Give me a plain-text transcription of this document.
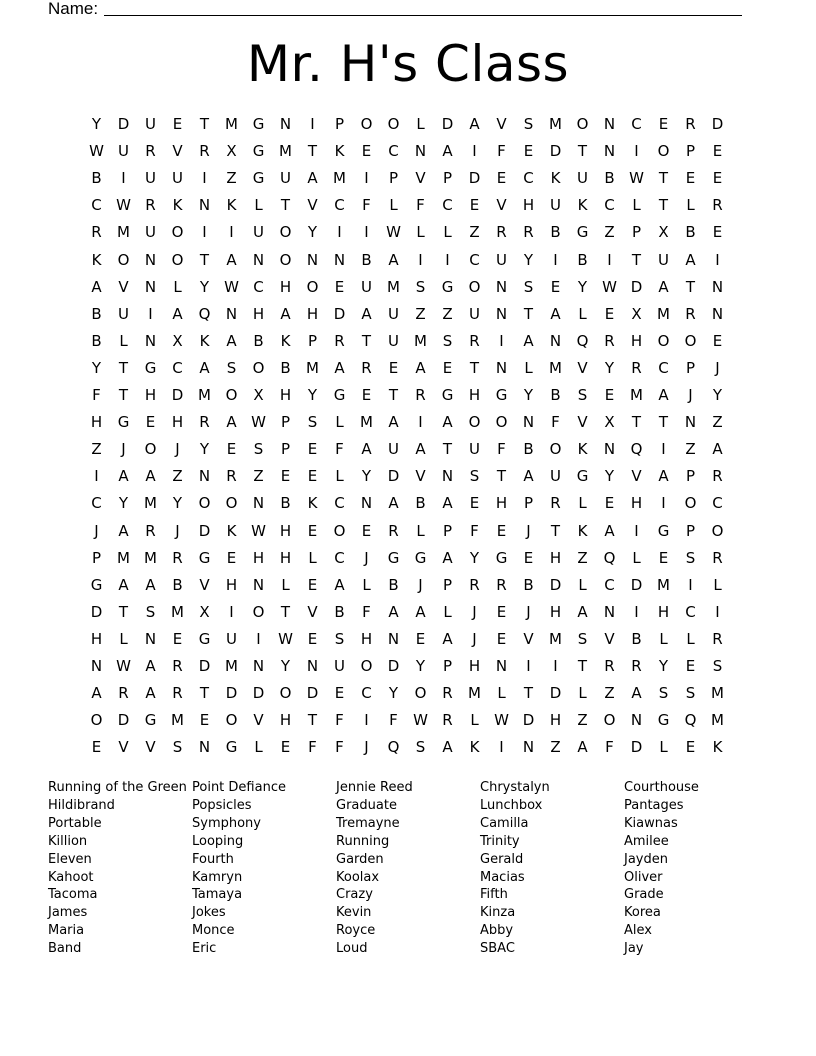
Name:
Mr. H's Class
Y	D	U	E	T	M G	N	I	P	O	O	L	D	A	V	S	M O	N	C	E	R	D
W U	R	V	R	X	G M	T	K	E	C	N	A	I	F	E	D	T	N	I	O	P	E
B	I	U	U	I	Z	G	U	A	M	I	P	V	P	D	E	C	K	U	B W T	E	E
C W R	K	N	K	L	T	V	C	F	L	F	C	E	V	H	U	K	C	L	T	L	R
R	M	U	O	I	I	U	O	Y	I	I	W	L	L	Z	R	R	B	G	Z	P	X	B	E
K	O	N	O	T	A	N	O	N	N	B	A	I	I	C	U	Y	I	B	I	T	U	A	I
A	V	N	L	Y	W C	H	O	E	U	M	S	G	O	N	S	E	Y	W D	A	T	N
B	U	I	A	Q	N	H	A	H	D	A	U	Z	Z	U	N	T	A	L	E	X	M	R	N
B	L	N	X	K	A	B	K	P	R	T	U	M	S	R	I	A	N	Q	R	H	O	O	E
Y	T	G	C	A	S	O	B	M	A	R	E	A	E	T	N	L	M	V	Y	R	C	P	J
F	T	H	D M O	X	H	Y	G	E	T	R	G	H	G	Y	B	S	E	M	A	J	Y
H	G	E	H	R	A W	P	S	L	M	A	I	A	O	O	N	F	V	X	T	T	N	Z
Z	J	O	J	Y	E	S	P	E	F	A	U	A	T	U	F	B	O	K	N	Q	I	Z	A
I	A	A	Z	N	R	Z	E	E	L	Y	D	V	N	S	T	A	U	G	Y	V	A	P	R
C	Y	M	Y	O	O	N	B	K	C	N	A	B	A	E	H	P	R	L	E	H	I	O	C
J	A	R	J	D	K W H	E	O	E	R	L	P	F	E	J	T	K	A	I	G	P	O
P	M M	R	G	E	H	H	L	C	J	G	G	A	Y	G	E	H	Z	Q	L	E	S	R
G	A	A	B	V	H	N	L	E	A	L	B	J	P	R	R	B	D	L	C	D M	I	L
D	T	S	M	X	I	O	T	V	B	F	A	A	L	J	E	J	H	A	N	I	H	C	I
H	L	N	E	G	U	I	W E	S	H	N	E	A	J	E	V	M	S	V	B	L	L	R
N W A	R	D M N	Y	N	U	O	D	Y	P	H	N	I	I	T	R	R	Y	E	S
A	R	A	R	T	D	D	O	D	E	C	Y	O	R	M	L	T	D	L	Z	A	S	S	M
O	D	G M	E	O	V	H	T	F	I	F	W R	L	W D	H	Z	O	N	G	Q M
E	V	V	S	N	G	L	E	F	F	J	Q	S	A	K	I	N	Z	A	F	D	L	E	K
Running of the Green
Hildibrand
Portable
Killion
Eleven
Kahoot
Tacoma
James
Maria
Band
Point Defiance
Popsicles
Symphony
Looping
Fourth
Kamryn
Tamaya
Jokes
Monce
Eric
Jennie Reed
Graduate
Tremayne
Running
Garden
Koolax
Crazy
Kevin
Royce
Loud
Chrystalyn
Lunchbox
Camilla
Trinity
Gerald
Macias
Fifth
Kinza
Abby
SBAC
Courthouse
Pantages
Kiawnas
Amilee
Jayden
Oliver
Grade
Korea
Alex
Jay
